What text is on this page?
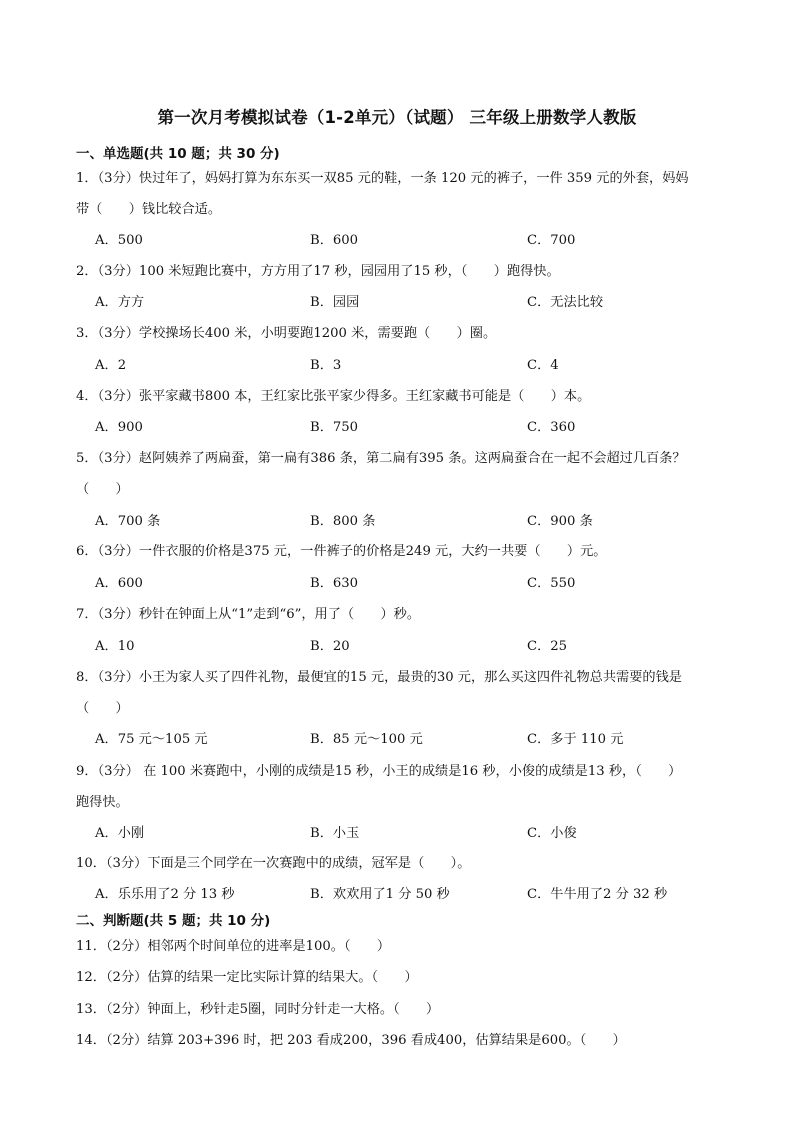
第一次月考模拟试卷（1-2单元）（试题） 三年级上册数学人教版
一、单选题(共 10 题；共 30 分)
1．（3分）快过年了，妈妈打算为东东买一双85 元的鞋，一条 120 元的裤子，一件 359 元的外套，妈妈
带（　　）钱比较合适。
A．500	B．600	C．700
2．（3分）100 米短跑比赛中，方方用了17 秒，园园用了15 秒，（　　）跑得快。
A．方方	B．园园	C．无法比较
3．（3分）学校操场长400 米，小明要跑1200 米，需要跑（　　）圈。
A．2	B．3	C．4
4．（3分）张平家藏书800 本，王红家比张平家少得多。王红家藏书可能是（　　）本。
A．900	B．750	C．360
5．（3分）赵阿姨养了两扁蚕，第一扁有386 条，第二扁有395 条。这两扁蚕合在一起不会超过几百条？
（　　）
A．700 条	B．800 条	C．900 条
6．（3分）一件衣服的价格是375 元，一件裤子的价格是249 元，大约一共要（　　）元。
A．600	B．630	C．550
7．（3分）秒针在钟面上从“1”走到“6”，用了（　　）秒。
A．10	B．20	C．25
8．（3分）小王为家人买了四件礼物，最便宜的15 元，最贵的30 元，那么买这四件礼物总共需要的钱是
（　　）
A．75 元～105 元	B．85 元～100 元	C．多于 110 元
9．（3分） 在 100 米赛跑中，小刚的成绩是15 秒，小王的成绩是16 秒，小俊的成绩是13 秒，（　　）
跑得快。
A．小刚	B．小玉	C．小俊
10．（3分）下面是三个同学在一次赛跑中的成绩，冠军是（　　）。
A．乐乐用了2 分 13 秒	B．欢欢用了1 分 50 秒	C．牛牛用了2 分 32 秒
二、判断题(共 5 题；共 10 分)
11．（2分）相邻两个时间单位的进率是100。（　　）
12．（2分）估算的结果一定比实际计算的结果大。（　　）
13．（2分）钟面上，秒针走5圈，同时分针走一大格。（　　）
14．（2分）结算 203+396 时，把 203 看成200，396 看成400，估算结果是600。（　　）
